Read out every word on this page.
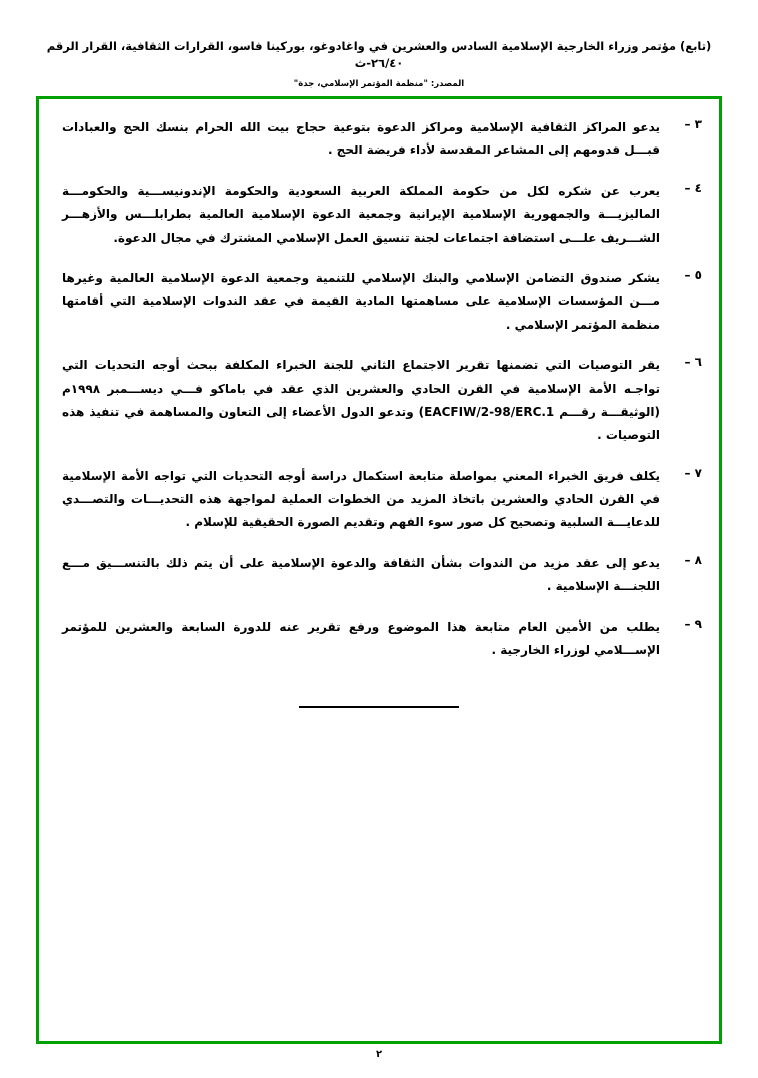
(تابع) مؤتمر وزراء الخارجية الإسلامية السادس والعشرين في واغادوغو، بوركينا فاسو، القرارات الثقافية، القرار الرقم ٢٦/٤٠-ث
المصدر: "منظمة المؤتمر الإسلامي، جدة"
٣ –
يدعو المراكز الثقافية الإسلامية ومراكز الدعوة بتوعية حجاج بيت الله الحرام بنسك الحج والعبادات قبـــل قدومهم إلى المشاعر المقدسة لأداء فريضة الحج .
٤ –
يعرب عن شكره لكل من حكومة المملكة العربية السعودية والحكومة الإندونيســـية والحكومـــة الماليزيـــة والجمهورية الإسلامية الإيرانية وجمعية الدعوة الإسلامية العالمية بطرابلـــس والأزهـــر الشـــريف علـــى استضافة اجتماعات لجنة تنسيق العمل الإسلامي المشترك في مجال الدعوة.
٥ –
يشكر صندوق التضامن الإسلامي والبنك الإسلامي للتنمية وجمعية الدعوة الإسلامية العالمية وغيرها مـــن المؤسسات الإسلامية على مساهمتها المادية القيمة في عقد الندوات الإسلامية التي أقامتها منظمة المؤتمر الإسلامي .
٦ –
يقر التوصيات التي تضمنها تقرير الاجتماع الثاني للجنة الخبراء المكلفة ببحث أوجه التحديات التي تواجـه الأمة الإسلامية في القرن الحادي والعشرين الذي عقد في باماكو فـــي ديســـمبر ١٩٩٨م (الوثيقـــة رقـــم EACFIW/2-98/ERC.1) وتدعو الدول الأعضاء إلى التعاون والمساهمة في تنفيذ هذه التوصيات .
٧ –
يكلف فريق الخبراء المعني بمواصلة متابعة استكمال دراسة أوجه التحديات التي تواجه الأمة الإسلامية في القرن الحادي والعشرين باتخاذ المزيد من الخطوات العملية لمواجهة هذه التحديـــات والتصـــدي للدعايـــة السلبية وتصحيح كل صور سوء الفهم وتقديم الصورة الحقيقية للإسلام .
٨ –
يدعو إلى عقد مزيد من الندوات بشأن الثقافة والدعوة الإسلامية على أن يتم ذلك بالتنســـيق مـــع اللجنـــة الإسلامية .
٩ –
يطلب من الأمين العام متابعة هذا الموضوع ورفع تقرير عنه للدورة السابعة والعشرين للمؤتمر الإســـلامي لوزراء الخارجية .
٢
